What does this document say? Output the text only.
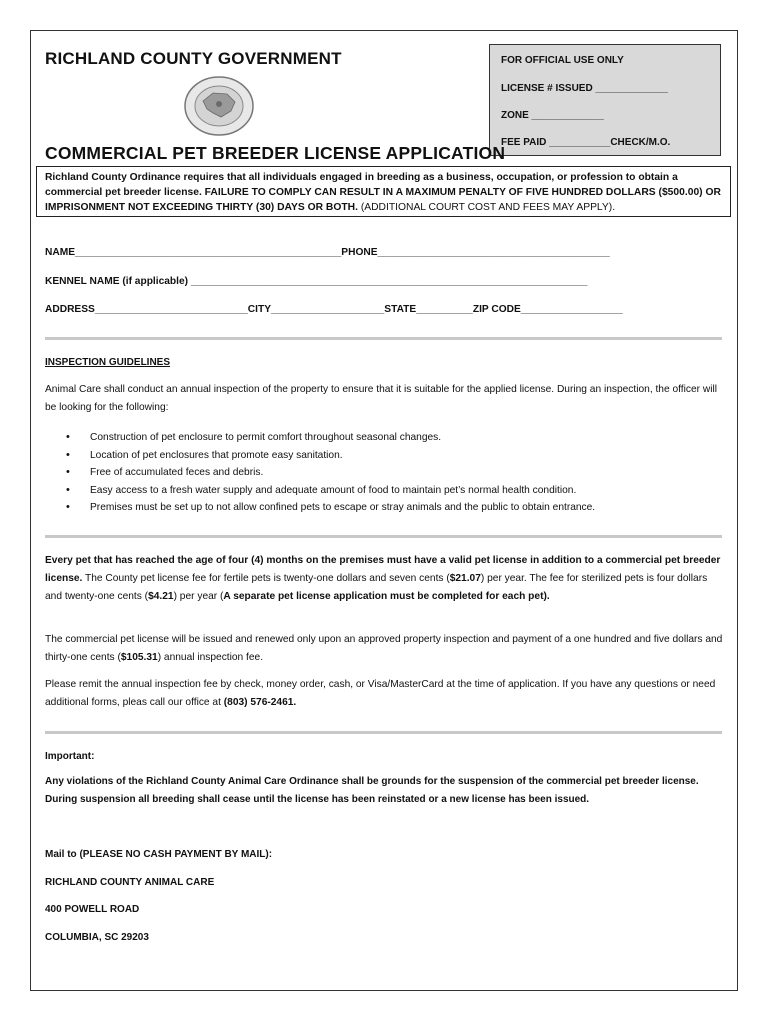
RICHLAND COUNTY GOVERNMENT	FOR OFFICIAL USE ONLY
LICENSE # ISSUED _____________
ZONE _____________
FEE PAID ___________CHECK/M.O.
COMMERCIAL PET BREEDER LICENSE APPLICATION
Richland County Ordinance requires that all individuals engaged in breeding as a business, occupation, or profession to obtain a commercial pet breeder license. FAILURE TO COMPLY CAN RESULT IN A MAXIMUM PENALTY OF FIVE HUNDRED DOLLARS ($500.00) OR IMPRISONMENT NOT EXCEEDING THIRTY (30) DAYS OR BOTH. (ADDITIONAL COURT COST AND FEES MAY APPLY).
NAME_______________________________________________PHONE_________________________________________
KENNEL NAME (if applicable) ______________________________________________________________________
ADDRESS___________________________CITY____________________STATE__________ZIP CODE__________________
INSPECTION GUIDELINES
Animal Care shall conduct an annual inspection of the property to ensure that it is suitable for the applied license. During an inspection, the officer will be looking for the following:
• Construction of pet enclosure to permit comfort throughout seasonal changes.
• Location of pet enclosures that promote easy sanitation.
• Free of accumulated feces and debris.
• Easy access to a fresh water supply and adequate amount of food to maintain pet’s normal health condition.
• Premises must be set up to not allow confined pets to escape or stray animals and the public to obtain entrance.
Every pet that has reached the age of four (4) months on the premises must have a valid pet license in addition to a commercial pet breeder license. The County pet license fee for fertile pets is twenty-one dollars and seven cents ($21.07) per year. The fee for sterilized pets is four dollars and twenty-one cents ($4.21) per year (A separate pet license application must be completed for each pet).
The commercial pet license will be issued and renewed only upon an approved property inspection and payment of a one hundred and five dollars and thirty-one cents ($105.31) annual inspection fee.
Please remit the annual inspection fee by check, money order, cash, or Visa/MasterCard at the time of application. If you have any questions or need additional forms, pleas call our office at (803) 576-2461.
Important:
Any violations of the Richland County Animal Care Ordinance shall be grounds for the suspension of the commercial pet breeder license. During suspension all breeding shall cease until the license has been reinstated or a new license has been issued.
Mail to (PLEASE NO CASH PAYMENT BY MAIL):
RICHLAND COUNTY ANIMAL CARE
400 POWELL ROAD
COLUMBIA, SC 29203
